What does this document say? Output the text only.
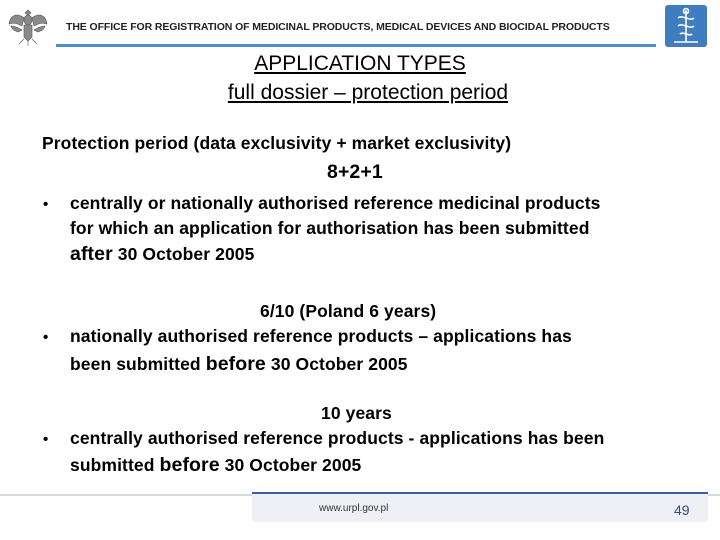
THE OFFICE FOR REGISTRATION OF MEDICINAL PRODUCTS, MEDICAL DEVICES AND BIOCIDAL PRODUCTS
APPLICATION TYPES
full dossier – protection period
Protection period (data exclusivity + market exclusivity)
8+2+1
• centrally or nationally authorised reference medicinal products
for which an application for authorisation has been submitted
after 30 October 2005
6/10 (Poland 6 years)
• nationally authorised reference products – applications has
been submitted before 30 October 2005
10 years
• centrally authorised reference products - applications has been
submitted before 30 October 2005
www.urpl.gov.pl	49
